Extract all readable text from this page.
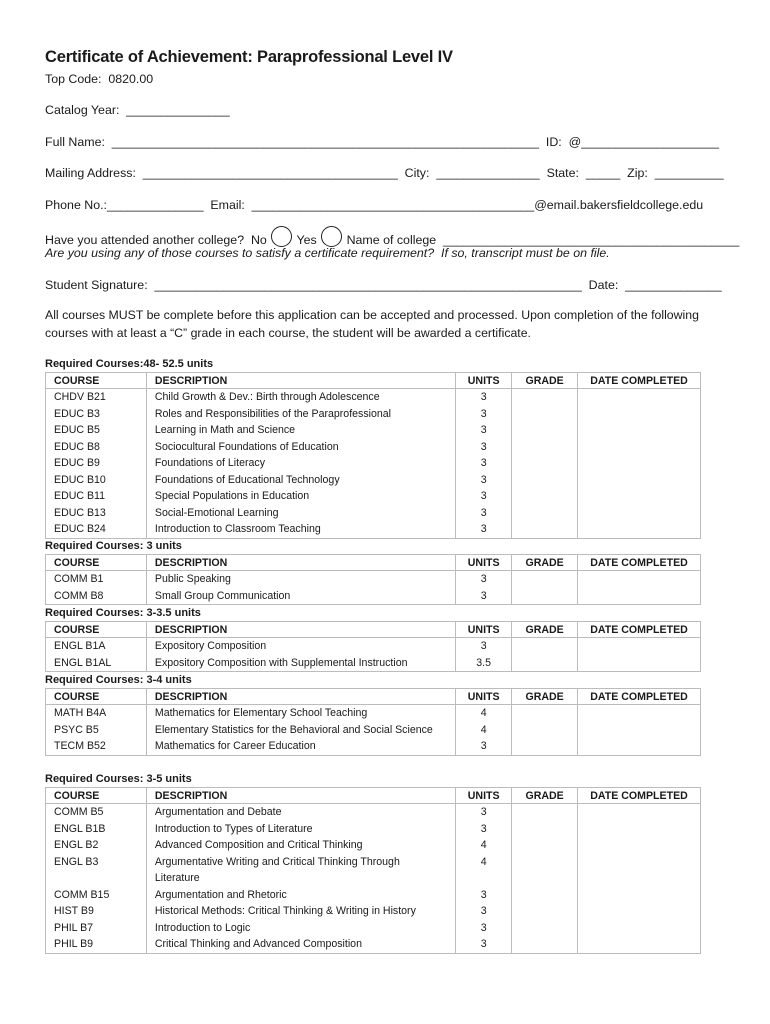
Certificate of Achievement: Paraprofessional Level IV
Top Code:  0820.00
Catalog Year:  _______________
Full Name:  ______________________________________________________________  ID:  @____________________
Mailing Address:  _____________________________________  City:  _______________  State:  _____  Zip:  __________
Phone No.:______________  Email:  _________________________________________@email.bakersfieldcollege.edu
Have you attended another college?  No  Yes  Name of college  ___________________________________________
Are you using any of those courses to satisfy a certificate requirement?  If so, transcript must be on file.
Student Signature:  ______________________________________________________________  Date:  ______________
All courses MUST be complete before this application can be accepted and processed. Upon completion of the following courses with at least a “C” grade in each course, the student will be awarded a certificate.
Required Courses:48- 52.5 units
COURSE	DESCRIPTION	UNITS	GRADE	DATE COMPLETED
CHDV B21	Child Growth & Dev.: Birth through Adolescence	3		
EDUC B3	Roles and Responsibilities of the Paraprofessional	3		
EDUC B5	Learning in Math and Science	3		
EDUC B8	Sociocultural Foundations of Education	3		
EDUC B9	Foundations of Literacy	3		
EDUC B10	Foundations of Educational Technology	3		
EDUC B11	Special Populations in Education	3		
EDUC B13	Social-Emotional Learning	3		
EDUC B24	Introduction to Classroom Teaching	3		
Required Courses: 3 units
COURSE	DESCRIPTION	UNITS	GRADE	DATE COMPLETED
COMM B1	Public Speaking	3		
COMM B8	Small Group Communication	3		
Required Courses: 3-3.5 units
COURSE	DESCRIPTION	UNITS	GRADE	DATE COMPLETED
ENGL B1A	Expository Composition	3		
ENGL B1AL	Expository Composition with Supplemental Instruction	3.5		
Required Courses: 3-4 units
COURSE	DESCRIPTION	UNITS	GRADE	DATE COMPLETED
MATH B4A	Mathematics for Elementary School Teaching	4		
PSYC B5	Elementary Statistics for the Behavioral and Social Science	4		
TECM B52	Mathematics for Career Education	3		
Required Courses: 3-5 units
COURSE	DESCRIPTION	UNITS	GRADE	DATE COMPLETED
COMM B5	Argumentation and Debate	3		
ENGL B1B	Introduction to Types of Literature	3		
ENGL B2	Advanced Composition and Critical Thinking	4		
ENGL B3	Argumentative Writing and Critical Thinking Through Literature	4		
COMM B15	Argumentation and Rhetoric	3		
HIST B9	Historical Methods: Critical Thinking & Writing in History	3		
PHIL B7	Introduction to Logic	3		
PHIL B9	Critical Thinking and Advanced Composition	3		
